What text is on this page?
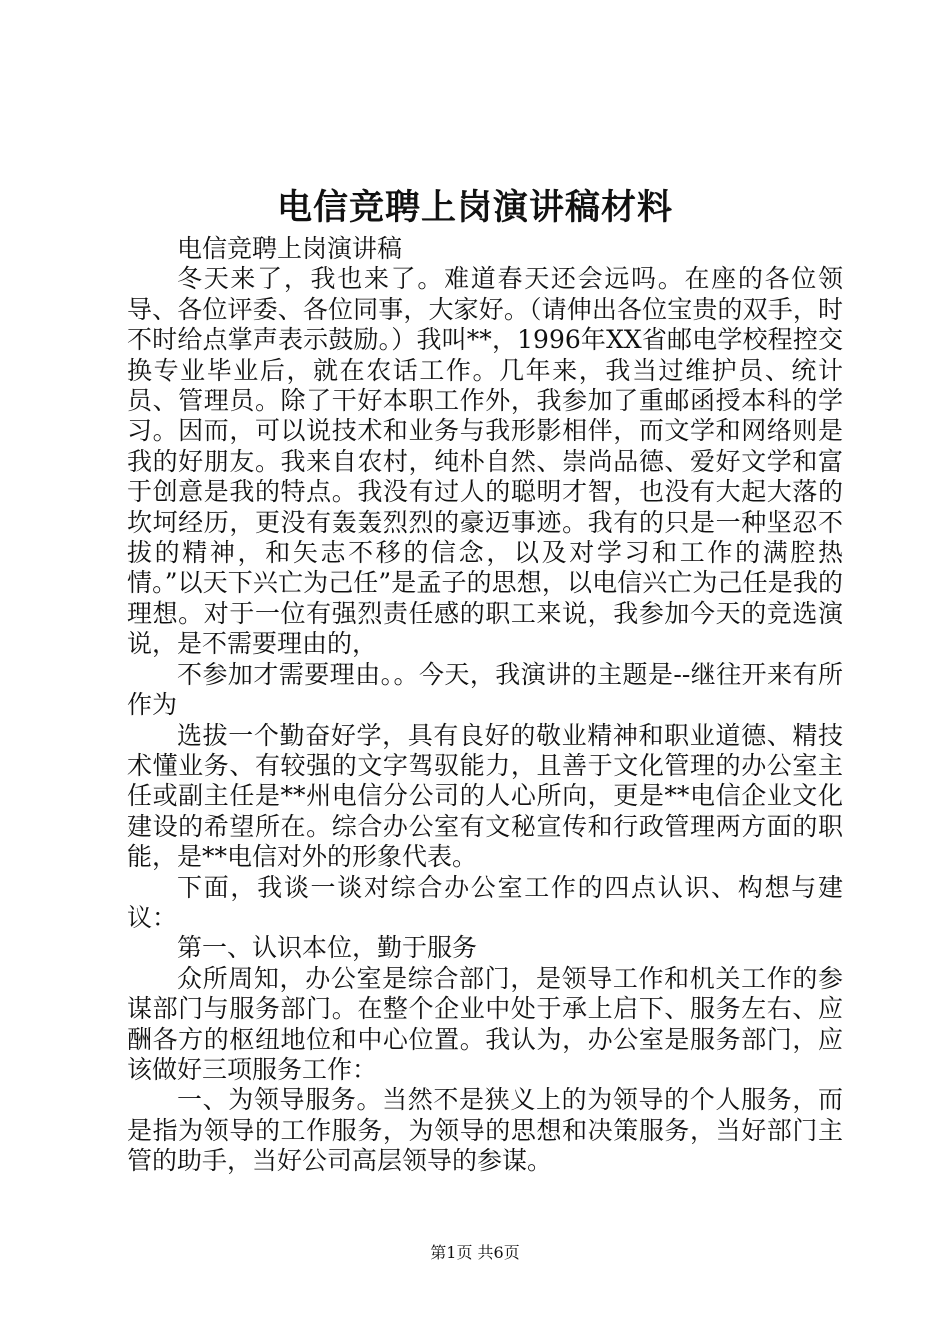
电信竞聘上岗演讲稿材料

电信竞聘上岗演讲稿

冬天来了，我也来了。难道春天还会远吗。在座的各位领导、各位评委、各位同事，大家好。（请伸出各位宝贵的双手，时不时给点掌声表示鼓励。）我叫**，1996年XX省邮电学校程控交换专业毕业后，就在农话工作。几年来，我当过维护员、统计员、管理员。除了干好本职工作外，我参加了重邮函授本科的学习。因而，可以说技术和业务与我形影相伴，而文学和网络则是我的好朋友。我来自农村，纯朴自然、崇尚品德、爱好文学和富于创意是我的特点。我没有过人的聪明才智，也没有大起大落的坎坷经历，更没有轰轰烈烈的豪迈事迹。我有的只是一种坚忍不拔的精神，和矢志不移的信念，以及对学习和工作的满腔热情。”以天下兴亡为己任”是孟子的思想，以电信兴亡为己任是我的理想。对于一位有强烈责任感的职工来说，我参加今天的竞选演说，是不需要理由的，

不参加才需要理由。。今天，我演讲的主题是--继往开来有所作为

选拔一个勤奋好学，具有良好的敬业精神和职业道德、精技术懂业务、有较强的文字驾驭能力，且善于文化管理的办公室主任或副主任是**州电信分公司的人心所向，更是**电信企业文化建设的希望所在。综合办公室有文秘宣传和行政管理两方面的职能，是**电信对外的形象代表。

下面，我谈一谈对综合办公室工作的四点认识、构想与建议：

第一、认识本位，勤于服务

众所周知，办公室是综合部门，是领导工作和机关工作的参谋部门与服务部门。在整个企业中处于承上启下、服务左右、应酬各方的枢纽地位和中心位置。我认为，办公室是服务部门，应该做好三项服务工作：

一、为领导服务。当然不是狭义上的为领导的个人服务，而是指为领导的工作服务，为领导的思想和决策服务，当好部门主管的助手，当好公司高层领导的参谋。

第1页 共6页
